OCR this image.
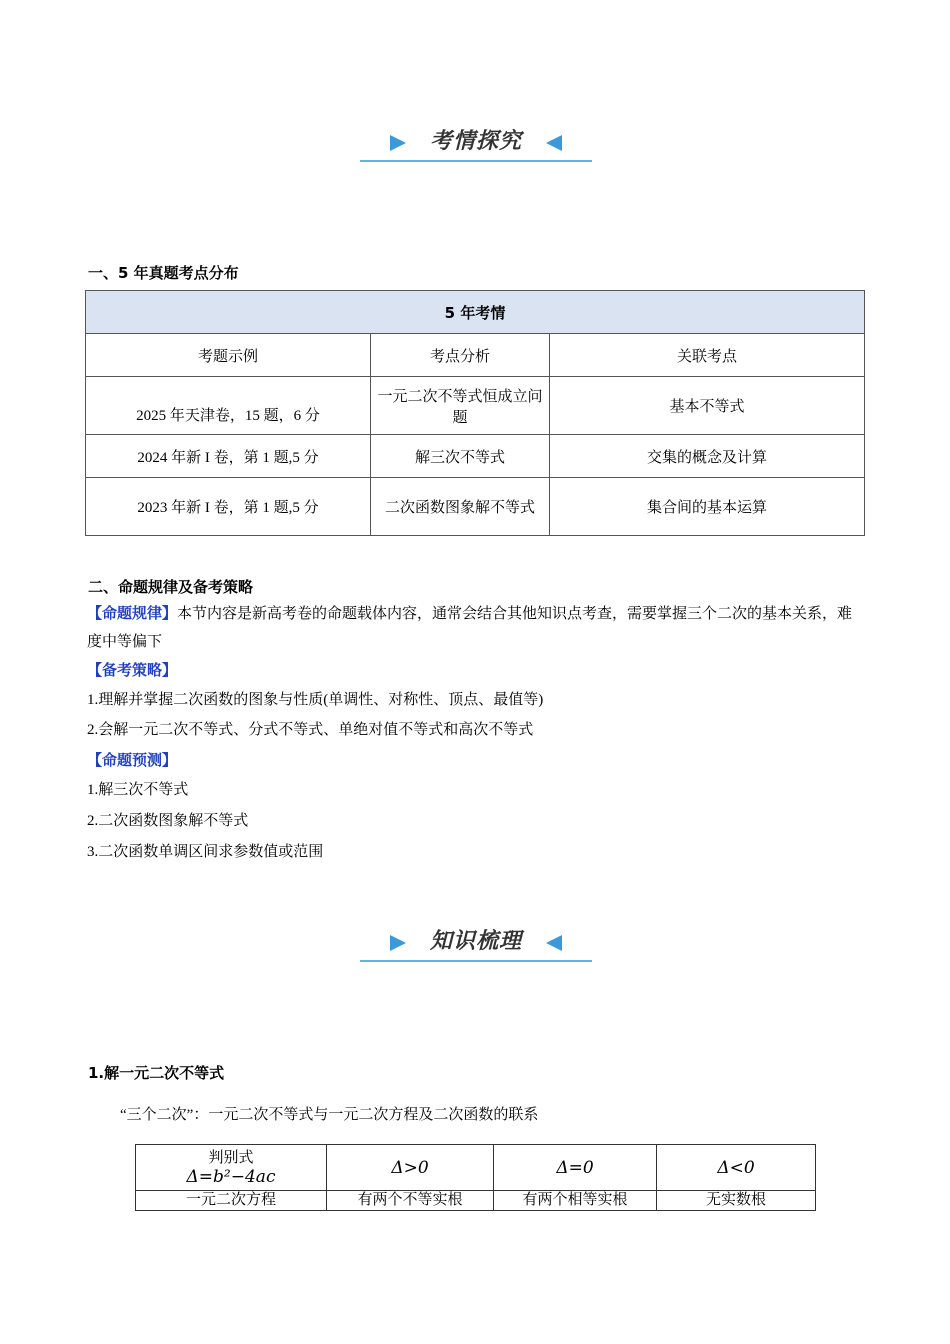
考情探究
一、5 年真题考点分布
5 年考情		
考题示例	考点分析	关联考点

2025 年天津卷，15 题，6 分	一元二次不等式恒成立问题	基本不等式
2024 年新 I 卷，第 1 题,5 分	解三次不等式	交集的概念及计算
2023 年新 I 卷，第 1 题,5 分	二次函数图象解不等式	集合间的基本运算
二、命题规律及备考策略
【命题规律】本节内容是新高考卷的命题载体内容，通常会结合其他知识点考查，需要掌握三个二次的基本关系，难度中等偏下
【备考策略】
1.理解并掌握二次函数的图象与性质(单调性、对称性、顶点、最值等)
2.会解一元二次不等式、分式不等式、单绝对值不等式和高次不等式
【命题预测】
1.解三次不等式
2.二次函数图象解不等式
3.二次函数单调区间求参数值或范围
知识梳理
1.解一元二次不等式
“三个二次”：一元二次不等式与一元二次方程及二次函数的联系
判别式
Δ=b²−4ac	Δ>0	Δ=0	Δ<0
一元二次方程	有两个不等实根	有两个相等实根	无实数根
